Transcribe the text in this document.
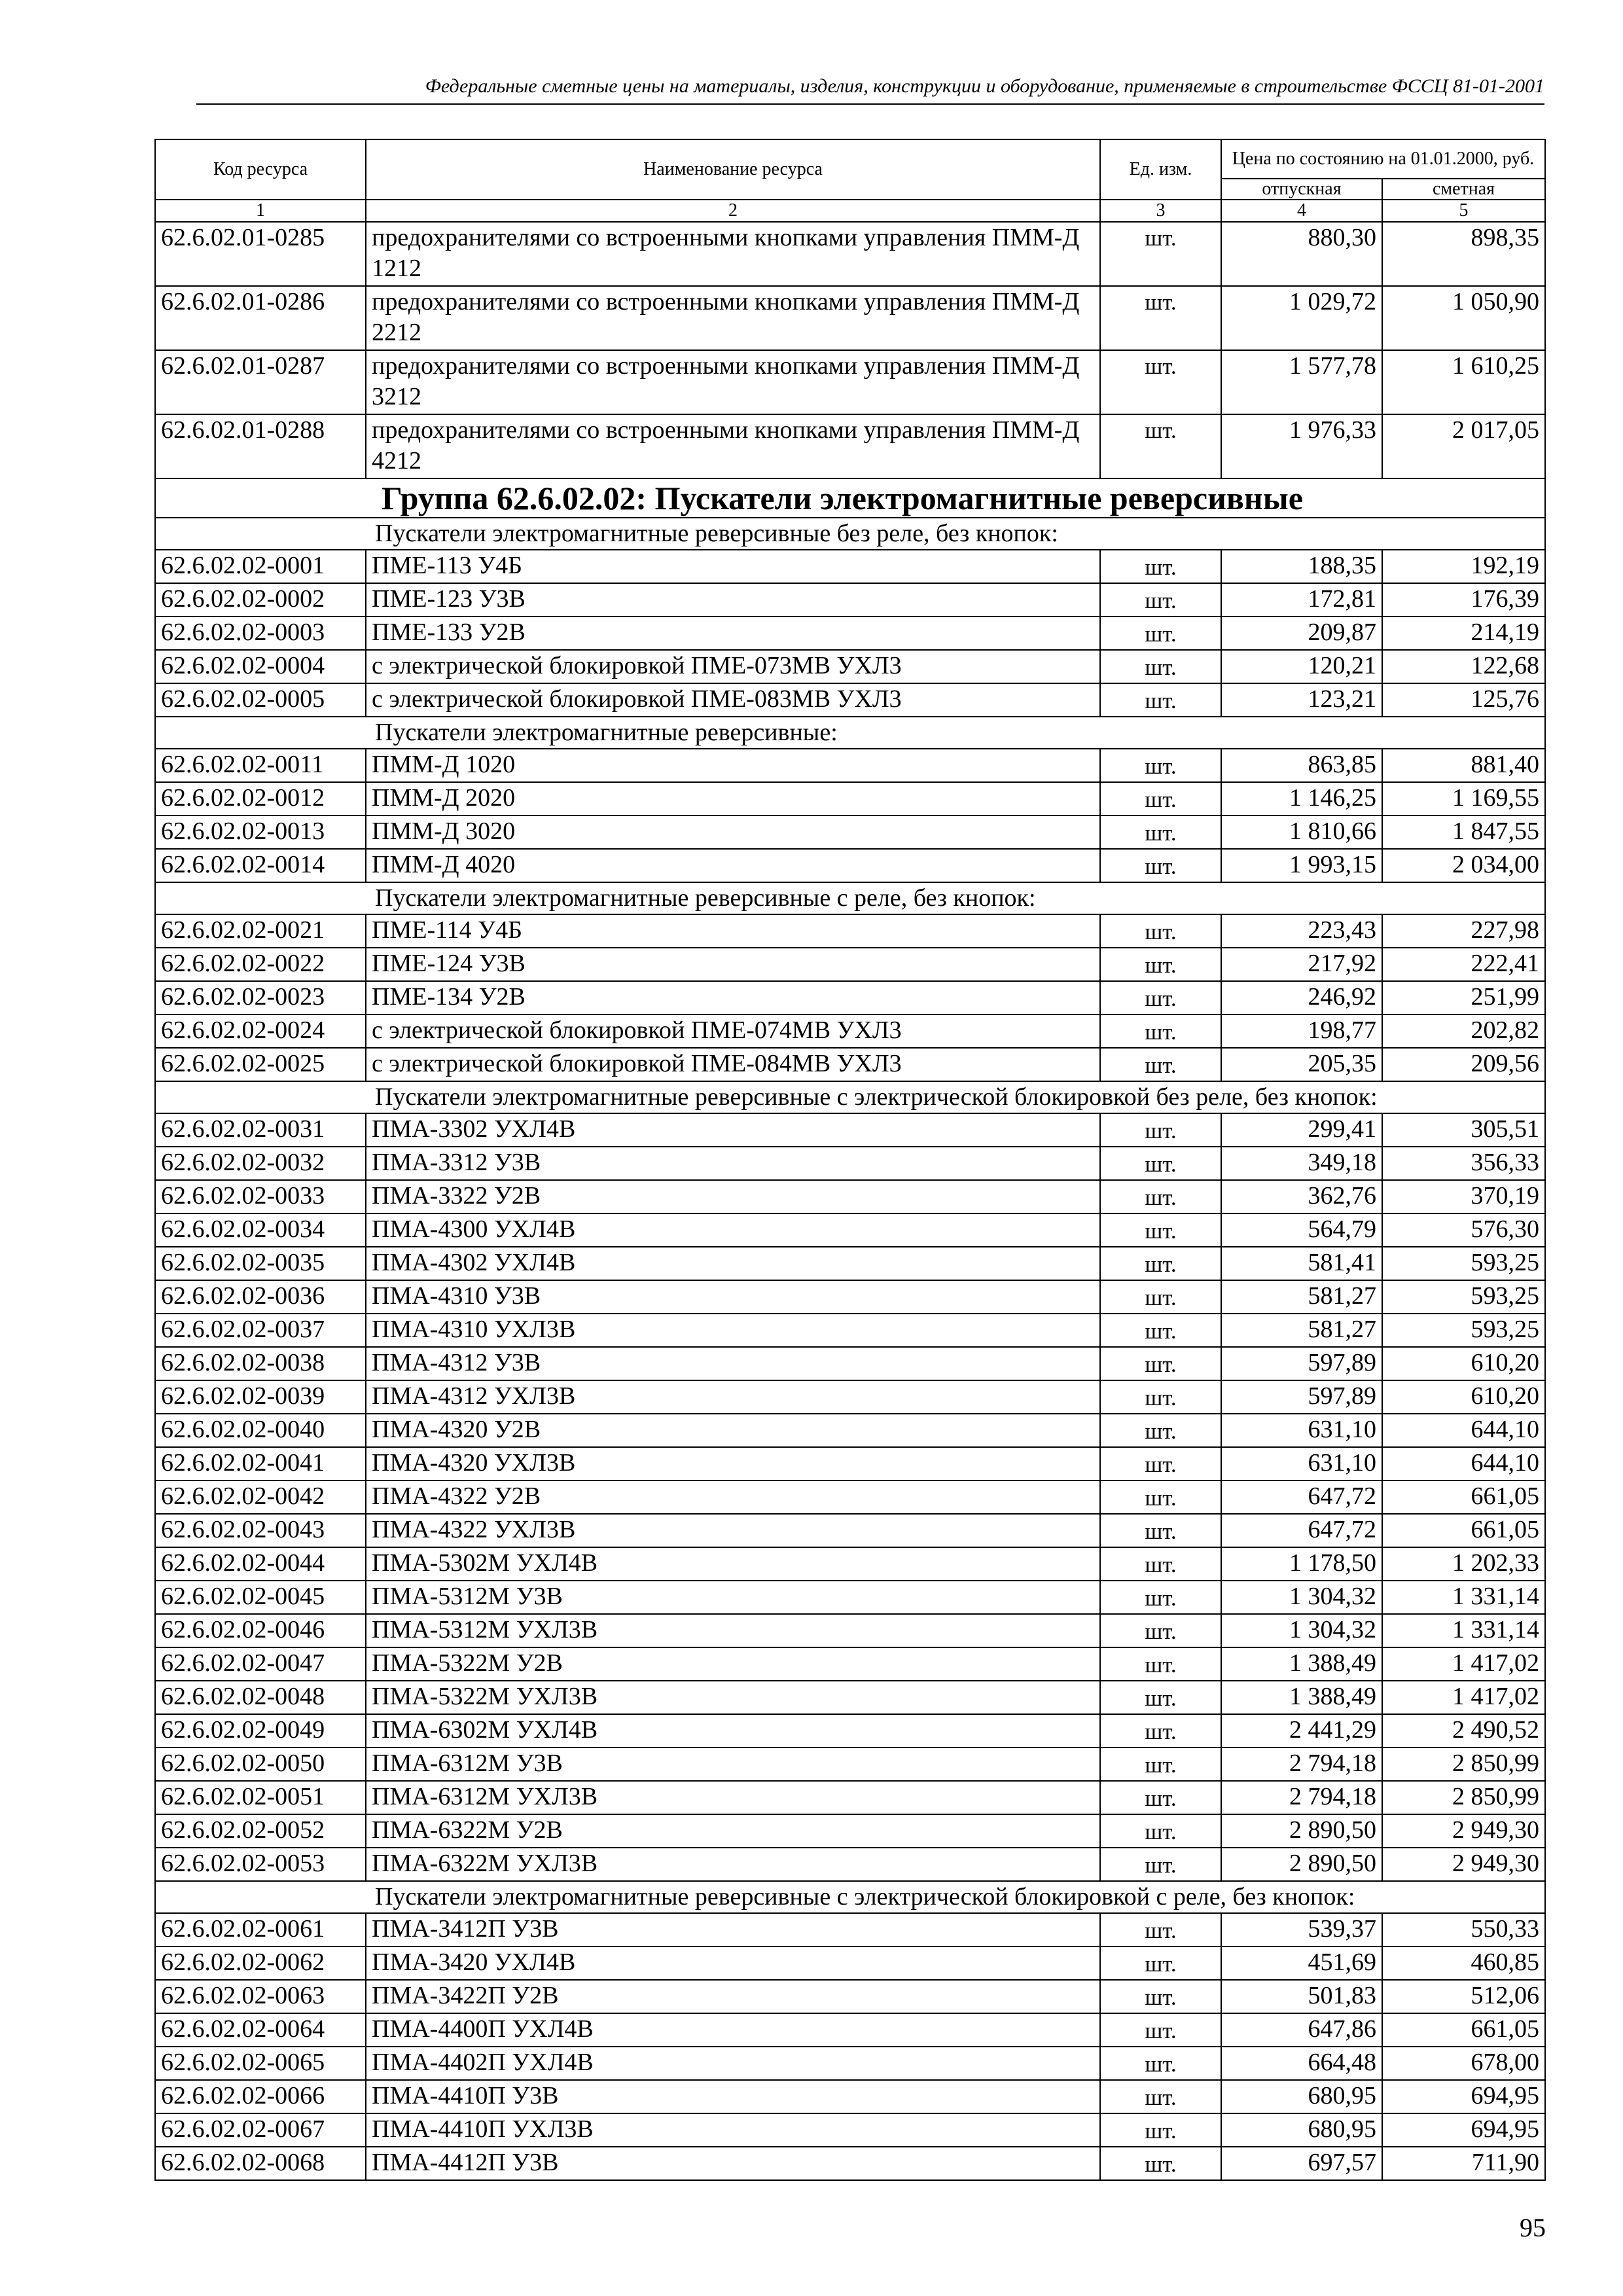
Федеральные сметные цены на материалы, изделия, конструкции и оборудование, применяемые в строительстве ФССЦ 81-01-2001
Код ресурса	Наименование ресурса	Ед. изм.	Цена по состоянию на 01.01.2000, руб.	
			отпускная	сметная
1	2	3	4	5
62.6.02.01-0285	предохранителями со встроенными кнопками управления ПММ-Д 1212	шт.	880,30	898,35
62.6.02.01-0286	предохранителями со встроенными кнопками управления ПММ-Д 2212	шт.	1 029,72	1 050,90
62.6.02.01-0287	предохранителями со встроенными кнопками управления ПММ-Д 3212	шт.	1 577,78	1 610,25
62.6.02.01-0288	предохранителями со встроенными кнопками управления ПММ-Д 4212	шт.	1 976,33	2 017,05
Группа 62.6.02.02: Пускатели электромагнитные реверсивные				
Пускатели электромагнитные реверсивные без реле, без кнопок:				
62.6.02.02-0001	ПМЕ-113 У4Б	шт.	188,35	192,19
62.6.02.02-0002	ПМЕ-123 У3В	шт.	172,81	176,39
62.6.02.02-0003	ПМЕ-133 У2В	шт.	209,87	214,19
62.6.02.02-0004	с электрической блокировкой ПМЕ-073МВ УХЛ3	шт.	120,21	122,68
62.6.02.02-0005	с электрической блокировкой ПМЕ-083МВ УХЛ3	шт.	123,21	125,76
Пускатели электромагнитные реверсивные:				
62.6.02.02-0011	ПММ-Д 1020	шт.	863,85	881,40
62.6.02.02-0012	ПММ-Д 2020	шт.	1 146,25	1 169,55
62.6.02.02-0013	ПММ-Д 3020	шт.	1 810,66	1 847,55
62.6.02.02-0014	ПММ-Д 4020	шт.	1 993,15	2 034,00
Пускатели электромагнитные реверсивные с реле, без кнопок:				
62.6.02.02-0021	ПМЕ-114 У4Б	шт.	223,43	227,98
62.6.02.02-0022	ПМЕ-124 У3В	шт.	217,92	222,41
62.6.02.02-0023	ПМЕ-134 У2В	шт.	246,92	251,99
62.6.02.02-0024	с электрической блокировкой ПМЕ-074МВ УХЛ3	шт.	198,77	202,82
62.6.02.02-0025	с электрической блокировкой ПМЕ-084МВ УХЛ3	шт.	205,35	209,56
Пускатели электромагнитные реверсивные с электрической блокировкой без реле, без кнопок:				
62.6.02.02-0031	ПМА-3302 УХЛ4В	шт.	299,41	305,51
62.6.02.02-0032	ПМА-3312 У3В	шт.	349,18	356,33
62.6.02.02-0033	ПМА-3322 У2В	шт.	362,76	370,19
62.6.02.02-0034	ПМА-4300 УХЛ4В	шт.	564,79	576,30
62.6.02.02-0035	ПМА-4302 УХЛ4В	шт.	581,41	593,25
62.6.02.02-0036	ПМА-4310 У3В	шт.	581,27	593,25
62.6.02.02-0037	ПМА-4310 УХЛ3В	шт.	581,27	593,25
62.6.02.02-0038	ПМА-4312 У3В	шт.	597,89	610,20
62.6.02.02-0039	ПМА-4312 УХЛ3В	шт.	597,89	610,20
62.6.02.02-0040	ПМА-4320 У2В	шт.	631,10	644,10
62.6.02.02-0041	ПМА-4320 УХЛ3В	шт.	631,10	644,10
62.6.02.02-0042	ПМА-4322 У2В	шт.	647,72	661,05
62.6.02.02-0043	ПМА-4322 УХЛ3В	шт.	647,72	661,05
62.6.02.02-0044	ПМА-5302М УХЛ4В	шт.	1 178,50	1 202,33
62.6.02.02-0045	ПМА-5312М У3В	шт.	1 304,32	1 331,14
62.6.02.02-0046	ПМА-5312М УХЛ3В	шт.	1 304,32	1 331,14
62.6.02.02-0047	ПМА-5322М У2В	шт.	1 388,49	1 417,02
62.6.02.02-0048	ПМА-5322М УХЛ3В	шт.	1 388,49	1 417,02
62.6.02.02-0049	ПМА-6302М УХЛ4В	шт.	2 441,29	2 490,52
62.6.02.02-0050	ПМА-6312М У3В	шт.	2 794,18	2 850,99
62.6.02.02-0051	ПМА-6312М УХЛ3В	шт.	2 794,18	2 850,99
62.6.02.02-0052	ПМА-6322М У2В	шт.	2 890,50	2 949,30
62.6.02.02-0053	ПМА-6322М УХЛ3В	шт.	2 890,50	2 949,30
Пускатели электромагнитные реверсивные с электрической блокировкой с реле, без кнопок:				
62.6.02.02-0061	ПМА-3412П У3В	шт.	539,37	550,33
62.6.02.02-0062	ПМА-3420 УХЛ4В	шт.	451,69	460,85
62.6.02.02-0063	ПМА-3422П У2В	шт.	501,83	512,06
62.6.02.02-0064	ПМА-4400П УХЛ4В	шт.	647,86	661,05
62.6.02.02-0065	ПМА-4402П УХЛ4В	шт.	664,48	678,00
62.6.02.02-0066	ПМА-4410П У3В	шт.	680,95	694,95
62.6.02.02-0067	ПМА-4410П УХЛ3В	шт.	680,95	694,95
62.6.02.02-0068	ПМА-4412П У3В	шт.	697,57	711,90
95
